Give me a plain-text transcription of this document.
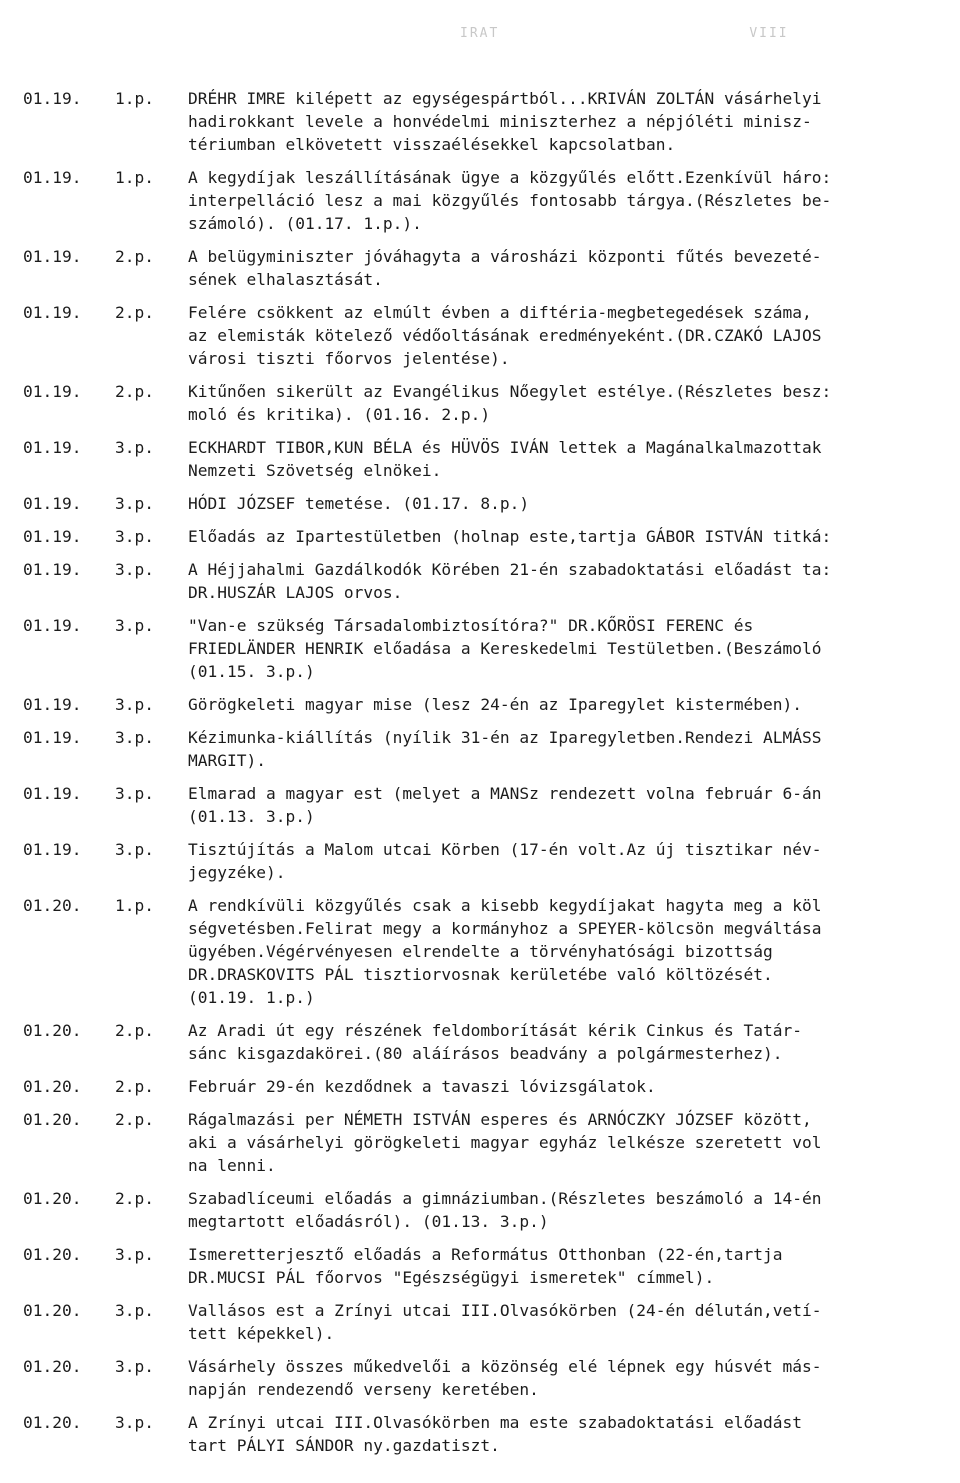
IRAT	VIII
01.19.	1.p.	DRÉHR IMRE kilépett az egységespártból...KRIVÁN ZOLTÁN vásárhelyi
hadirokkant levele a honvédelmi miniszterhez a népjóléti minisz-
tériumban elkövetett visszaélésekkel kapcsolatban.
01.19.	1.p.	A kegydíjak leszállításának ügye a közgyűlés előtt.Ezenkívül háro:
interpelláció lesz a mai közgyűlés fontosabb tárgya.(Részletes be-
számoló). (01.17. 1.p.).
01.19.	2.p.	A belügyminiszter jóváhagyta a városházi központi fűtés bevezeté-
sének elhalasztását.
01.19.	2.p.	Felére csökkent az elmúlt évben a diftéria-megbetegedések száma,
az elemisták kötelező védőoltásának eredményeként.(DR.CZAKÓ LAJOS
városi tiszti főorvos jelentése).
01.19.	2.p.	Kitűnően sikerült az Evangélikus Nőegylet estélye.(Részletes besz:
moló és kritika). (01.16. 2.p.)
01.19.	3.p.	ECKHARDT TIBOR,KUN BÉLA és HÜVÖS IVÁN lettek a Magánalkalmazottak
Nemzeti Szövetség elnökei.
01.19.	3.p.	HÓDI JÓZSEF temetése. (01.17. 8.p.)
01.19.	3.p.	Előadás az Ipartestületben (holnap este,tartja GÁBOR ISTVÁN titká:
01.19.	3.p.	A Héjjahalmi Gazdálkodók Körében 21-én szabadoktatási előadást ta:
DR.HUSZÁR LAJOS orvos.
01.19.	3.p.	"Van-e szükség Társadalombiztosítóra?" DR.KŐRÖSI FERENC és
FRIEDLÄNDER HENRIK előadása a Kereskedelmi Testületben.(Beszámoló
(01.15. 3.p.)
01.19.	3.p.	Görögkeleti magyar mise (lesz 24-én az Iparegylet kistermében).
01.19.	3.p.	Kézimunka-kiállítás (nyílik 31-én az Iparegyletben.Rendezi ALMÁSS
MARGIT).
01.19.	3.p.	Elmarad a magyar est (melyet a MANSz rendezett volna február 6-án
(01.13. 3.p.)
01.19.	3.p.	Tisztújítás a Malom utcai Körben (17-én volt.Az új tisztikar név-
jegyzéke).
01.20.	1.p.	A rendkívüli közgyűlés csak a kisebb kegydíjakat hagyta meg a köl
ségvetésben.Felirat megy a kormányhoz a SPEYER-kölcsön megváltása
ügyében.Végérvényesen elrendelte a törvényhatósági bizottság
DR.DRASKOVITS PÁL tisztiorvosnak kerületébe való költözését.
(01.19. 1.p.)
01.20.	2.p.	Az Aradi út egy részének feldomborítását kérik Cinkus és Tatár-
sánc kisgazdakörei.(80 aláírásos beadvány a polgármesterhez).
01.20.	2.p.	Február 29-én kezdődnek a tavaszi lóvizsgálatok.
01.20.	2.p.	Rágalmazási per NÉMETH ISTVÁN esperes és ARNÓCZKY JÓZSEF között,
aki a vásárhelyi görögkeleti magyar egyház lelkésze szeretett vol
na lenni.
01.20.	2.p.	Szabadlíceumi előadás a gimnáziumban.(Részletes beszámoló a 14-én
megtartott előadásról). (01.13. 3.p.)
01.20.	3.p.	Ismeretterjesztő előadás a Református Otthonban (22-én,tartja
DR.MUCSI PÁL főorvos "Egészségügyi ismeretek" címmel).
01.20.	3.p.	Vallásos est a Zrínyi utcai III.Olvasókörben (24-én délután,vetí-
tett képekkel).
01.20.	3.p.	Vásárhely összes műkedvelői a közönség elé lépnek egy húsvét más-
napján rendezendő verseny keretében.
01.20.	3.p.	A Zrínyi utcai III.Olvasókörben ma este szabadoktatási előadást
tart PÁLYI SÁNDOR ny.gazdatiszt.
